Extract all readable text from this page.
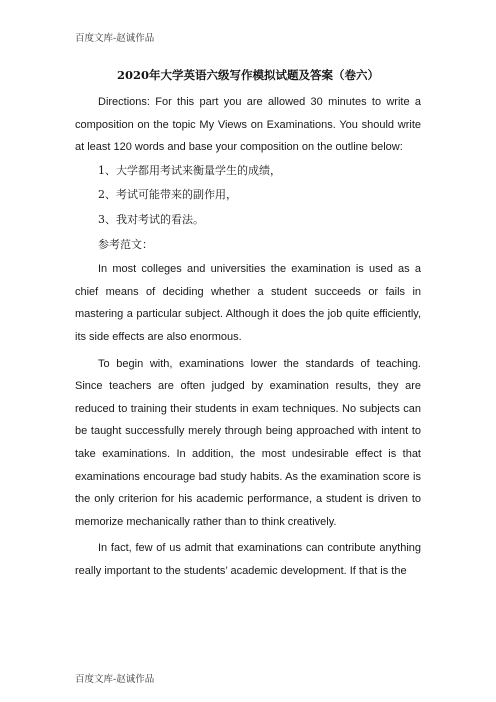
百度文库-赵诚作品
2020年大学英语六级写作模拟试题及答案（卷六）

Directions: For this part you are allowed 30 minutes to write a composition on the topic My Views on Examinations. You should write at least 120 words and base your composition on the outline below:

1、大学都用考试来衡量学生的成绩，

2、考试可能带来的副作用，

3、我对考试的看法。

参考范文：

In most colleges and universities the examination is used as a chief means of deciding whether a student succeeds or fails in mastering a particular subject. Although it does the job quite efficiently, its side effects are also enormous.

To begin with, examinations lower the standards of teaching. Since teachers are often judged by examination results, they are reduced to training their students in exam techniques. No subjects can be taught successfully merely through being approached with intent to take examinations. In addition, the most undesirable effect is that examinations encourage bad study habits. As the examination score is the only criterion for his academic performance, a student is driven to memorize mechanically rather than to think creatively.

In fact, few of us admit that examinations can contribute anything really important to the students’ academic development. If that is the

百度文库-赵诚作品
